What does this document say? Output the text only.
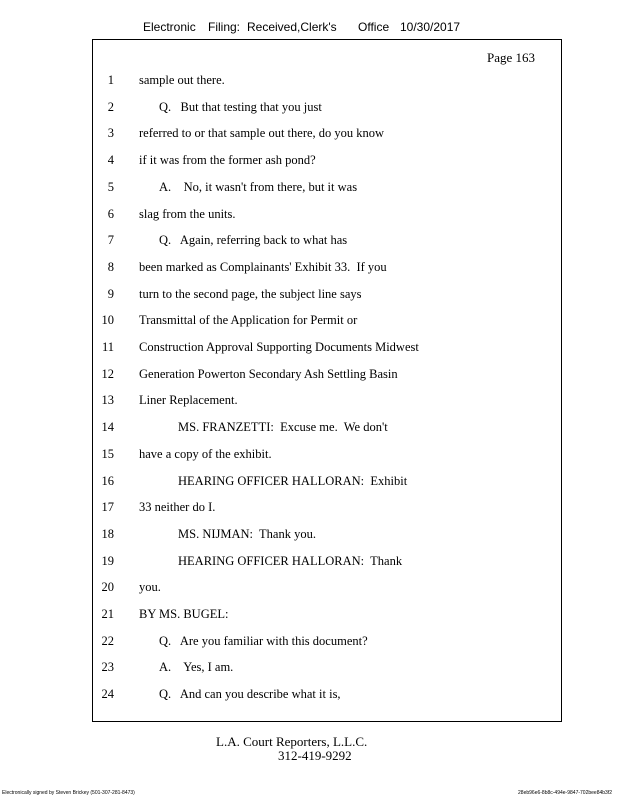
Electronic Filing: Received,Clerk's Office 10/30/2017
Page 163
1 sample out there.
2	Q.   But that testing that you just
3 referred to or that sample out there, do you know
4 if it was from the former ash pond?
5	A.    No, it wasn't from there, but it was
6 slag from the units.
7	Q.   Again, referring back to what has
8 been marked as Complainants' Exhibit 33.  If you
9 turn to the second page, the subject line says
10 Transmittal of the Application for Permit or
11 Construction Approval Supporting Documents Midwest
12 Generation Powerton Secondary Ash Settling Basin
13 Liner Replacement.
14	MS. FRANZETTI:  Excuse me.  We don't
15 have a copy of the exhibit.
16	HEARING OFFICER HALLORAN:  Exhibit
17 33 neither do I.
18	MS. NIJMAN:  Thank you.
19	HEARING OFFICER HALLORAN:  Thank
20 you.
21 BY MS. BUGEL:
22	Q.   Are you familiar with this document?
23	A.    Yes, I am.
24	Q.   And can you describe what it is,
L.A. Court Reporters, L.L.C.
312-419-9292
Electronically signed by Steven Brickey (501-307-281-8473)	28eb96e6-8b8c-494e-9847-702bee84b3f2
